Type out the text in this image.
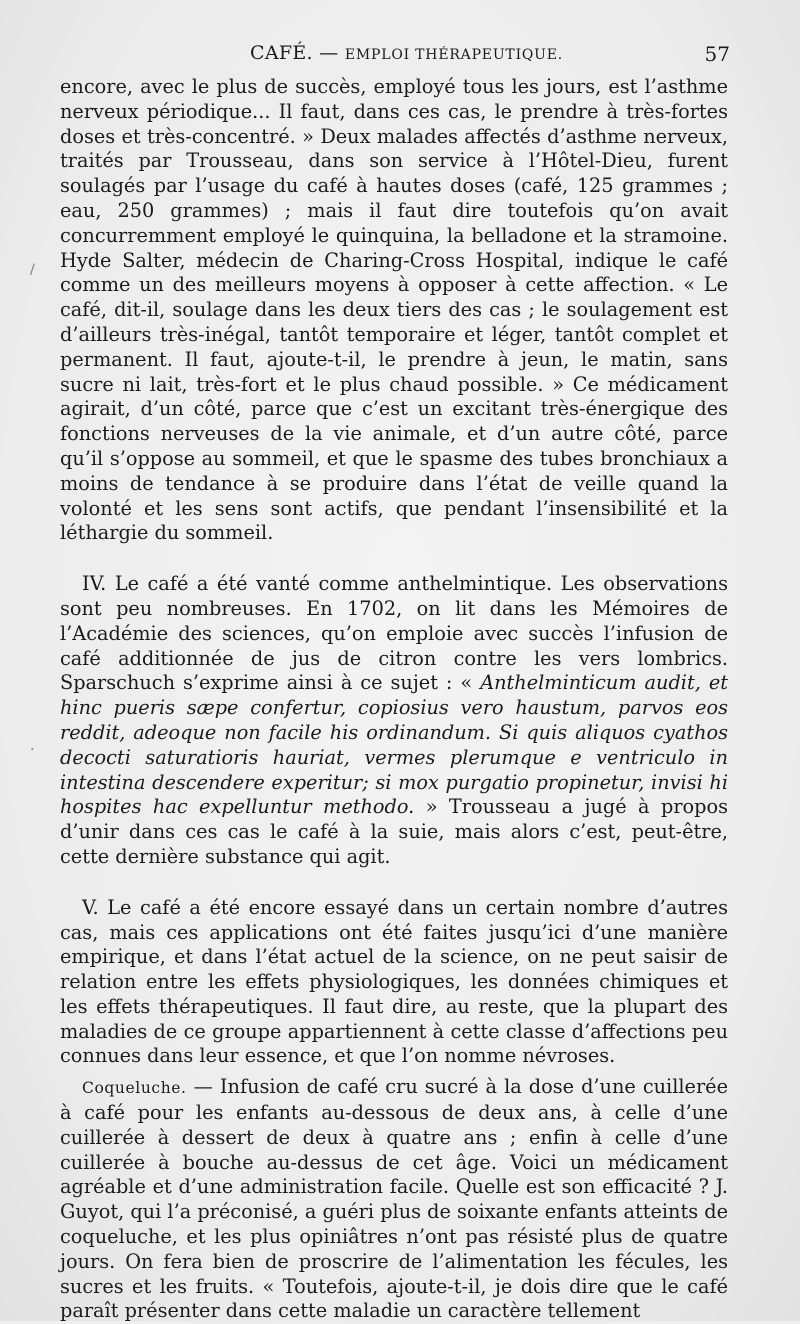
CAFÉ. — EMPLOI THÉRAPEUTIQUE.	57
/
·

encore, avec le plus de succès, employé tous les jours, est l’asthme nerveux périodique... Il faut, dans ces cas, le prendre à très-fortes doses et très-concentré. » Deux malades affectés d’asthme nerveux, traités par Trousseau, dans son service à l’Hôtel-Dieu, furent soulagés par l’usage du café à hautes doses (café, 125 grammes ; eau, 250 grammes) ; mais il faut dire toutefois qu’on avait concurremment employé le quinquina, la belladone et la stramoine. Hyde Salter, médecin de Charing-Cross Hospital, indique le café comme un des meilleurs moyens à opposer à cette affection. « Le café, dit-il, soulage dans les deux tiers des cas ; le soulagement est d’ailleurs très-inégal, tantôt temporaire et léger, tantôt complet et permanent. Il faut, ajoute-t-il, le prendre à jeun, le matin, sans sucre ni lait, très-fort et le plus chaud possible. » Ce médicament agirait, d’un côté, parce que c’est un excitant très-énergique des fonctions nerveuses de la vie animale, et d’un autre côté, parce qu’il s’oppose au sommeil, et que le spasme des tubes bronchiaux a moins de tendance à se produire dans l’état de veille quand la volonté et les sens sont actifs, que pendant l’insensibilité et la léthargie du sommeil.

IV. Le café a été vanté comme anthelmintique. Les observations sont peu nombreuses. En 1702, on lit dans les Mémoires de l’Académie des sciences, qu’on emploie avec succès l’infusion de café additionnée de jus de citron contre les vers lombrics. Sparschuch s’exprime ainsi à ce sujet : « Anthelminticum audit, et hinc pueris sæpe confertur, copiosius vero haustum, parvos eos reddit, adeoque non facile his ordinandum. Si quis aliquos cyathos decocti saturatioris hauriat, vermes plerumque e ventriculo in intestina descendere experitur; si mox purgatio propinetur, invisi hi hospites hac expelluntur methodo. » Trousseau a jugé à propos d’unir dans ces cas le café à la suie, mais alors c’est, peut-être, cette dernière substance qui agit.

V. Le café a été encore essayé dans un certain nombre d’autres cas, mais ces applications ont été faites jusqu’ici d’une manière empirique, et dans l’état actuel de la science, on ne peut saisir de relation entre les effets physiologiques, les données chimiques et les effets thérapeutiques. Il faut dire, au reste, que la plupart des maladies de ce groupe appartiennent à cette classe d’affections peu connues dans leur essence, et que l’on nomme névroses.

Coqueluche. — Infusion de café cru sucré à la dose d’une cuillerée à café pour les enfants au-dessous de deux ans, à celle d’une cuillerée à dessert de deux à quatre ans ; enfin à celle d’une cuillerée à bouche au-dessus de cet âge. Voici un médicament agréable et d’une administration facile. Quelle est son efficacité ? J. Guyot, qui l’a préconisé, a guéri plus de soixante enfants atteints de coqueluche, et les plus opiniâtres n’ont pas résisté plus de quatre jours. On fera bien de proscrire de l’alimentation les fécules, les sucres et les fruits. « Toutefois, ajoute-t-il, je dois dire que le café paraît présenter dans cette maladie un caractère tellement
